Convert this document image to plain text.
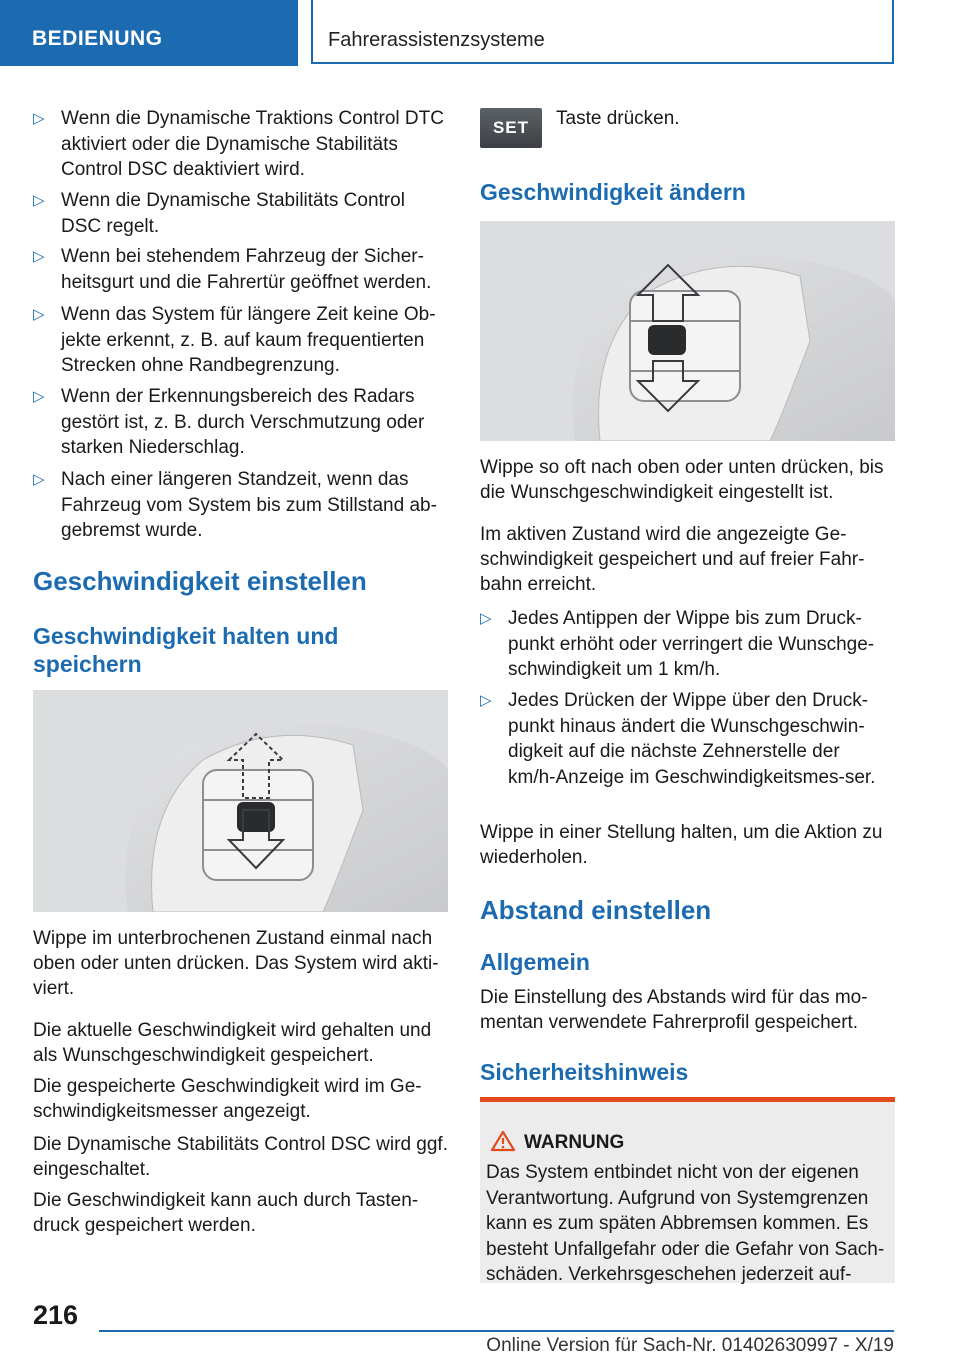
BEDIENUNG	Fahrerassistenzsysteme
▷ Wenn die Dynamische Traktions Control DTC aktiviert oder die Dynamische Stabilitäts Control DSC deaktiviert wird.
▷ Wenn die Dynamische Stabilitäts Control DSC regelt.
▷ Wenn bei stehendem Fahrzeug der Sicher-heitsgurt und die Fahrertür geöffnet werden.
▷ Wenn das System für längere Zeit keine Ob-jekte erkennt, z. B. auf kaum frequentierten Strecken ohne Randbegrenzung.
▷ Wenn der Erkennungsbereich des Radars gestört ist, z. B. durch Verschmutzung oder starken Niederschlag.
▷ Nach einer längeren Standzeit, wenn das Fahrzeug vom System bis zum Stillstand ab-gebremst wurde.
Geschwindigkeit einstellen
Geschwindigkeit halten und speichern
Wippe im unterbrochenen Zustand einmal nach oben oder unten drücken. Das System wird akti-viert.
Die aktuelle Geschwindigkeit wird gehalten und als Wunschgeschwindigkeit gespeichert.
Die gespeicherte Geschwindigkeit wird im Ge-schwindigkeitsmesser angezeigt.
Die Dynamische Stabilitäts Control DSC wird ggf. eingeschaltet.
Die Geschwindigkeit kann auch durch Tasten-druck gespeichert werden.
SET	Taste drücken.
Geschwindigkeit ändern
Wippe so oft nach oben oder unten drücken, bis die Wunschgeschwindigkeit eingestellt ist.
Im aktiven Zustand wird die angezeigte Ge-schwindigkeit gespeichert und auf freier Fahr-bahn erreicht.
▷ Jedes Antippen der Wippe bis zum Druck-punkt erhöht oder verringert die Wunschge-schwindigkeit um 1 km/h.
▷ Jedes Drücken der Wippe über den Druck-punkt hinaus ändert die Wunschgeschwin-digkeit auf die nächste Zehnerstelle der km/h-Anzeige im Geschwindigkeitsmes-ser.
Wippe in einer Stellung halten, um die Aktion zu wiederholen.
Abstand einstellen
Allgemein
Die Einstellung des Abstands wird für das mo-mentan verwendete Fahrerprofil gespeichert.
Sicherheitshinweis
WARNUNG
Das System entbindet nicht von der eigenen Verantwortung. Aufgrund von Systemgrenzen kann es zum späten Abbremsen kommen. Es besteht Unfallgefahr oder die Gefahr von Sach-schäden. Verkehrsgeschehen jederzeit auf-
216
Online Version für Sach-Nr. 01402630997 - X/19
